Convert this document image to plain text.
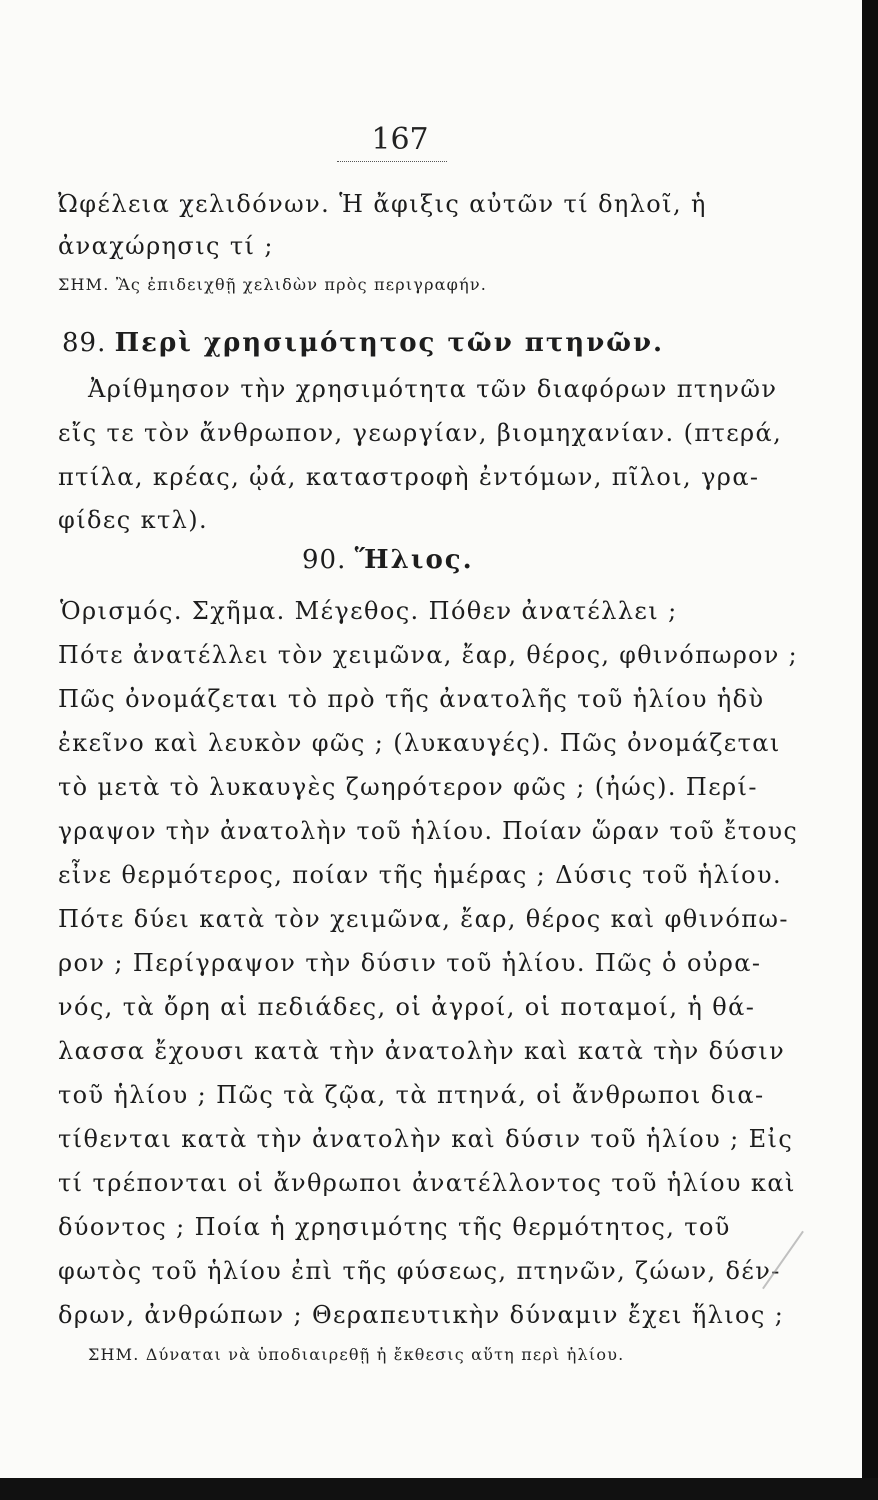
167
Ὠφέλεια χελιδόνων. Ἡ ἄφιξις αὐτῶν τί δηλοῖ, ἡ
ἀναχώρησις τί ;
ΣΗΜ. Ἂς ἐπιδειχθῇ χελιδὼν πρὸς περιγραφήν.
89. Περὶ χρησιμότητος τῶν πτηνῶν.
Ἀρίθμησον τὴν χρησιμότητα τῶν διαφόρων πτηνῶν
εἴς τε τὸν ἄνθρωπον, γεωργίαν, βιομηχανίαν. (πτερά,
πτίλα, κρέας, ᾠά, καταστροφὴ ἐντόμων, πῖλοι, γρα-
φίδες κτλ).
90. Ἥλιος.
Ὁρισμός. Σχῆμα. Μέγεθος. Πόθεν ἀνατέλλει ;
Πότε ἀνατέλλει τὸν χειμῶνα, ἔαρ, θέρος, φθινόπωρον ;
Πῶς ὀνομάζεται τὸ πρὸ τῆς ἀνατολῆς τοῦ ἡλίου ἡδὺ
ἐκεῖνο καὶ λευκὸν φῶς ; (λυκαυγές). Πῶς ὀνομάζεται
τὸ μετὰ τὸ λυκαυγὲς ζωηρότερον φῶς ; (ἠώς). Περί-
γραψον τὴν ἀνατολὴν τοῦ ἡλίου. Ποίαν ὥραν τοῦ ἔτους
εἶνε θερμότερος, ποίαν τῆς ἡμέρας ; Δύσις τοῦ ἡλίου.
Πότε δύει κατὰ τὸν χειμῶνα, ἔαρ, θέρος καὶ φθινόπω-
ρον ; Περίγραψον τὴν δύσιν τοῦ ἡλίου. Πῶς ὁ οὐρα-
νός, τὰ ὄρη αἱ πεδιάδες, οἱ ἀγροί, οἱ ποταμοί, ἡ θά-
λασσα ἔχουσι κατὰ τὴν ἀνατολὴν καὶ κατὰ τὴν δύσιν
τοῦ ἡλίου ; Πῶς τὰ ζῷα, τὰ πτηνά, οἱ ἄνθρωποι δια-
τίθενται κατὰ τὴν ἀνατολὴν καὶ δύσιν τοῦ ἡλίου ; Εἰς
τί τρέπονται οἱ ἄνθρωποι ἀνατέλλοντος τοῦ ἡλίου καὶ
δύοντος ; Ποία ἡ χρησιμότης τῆς θερμότητος, τοῦ
φωτὸς τοῦ ἡλίου ἐπὶ τῆς φύσεως, πτηνῶν, ζώων, δέν-
δρων, ἀνθρώπων ; Θεραπευτικὴν δύναμιν ἔχει ἥλιος ;
ΣΗΜ. Δύναται νὰ ὑποδιαιρεθῇ ἡ ἔκθεσις αὕτη περὶ ἡλίου.
